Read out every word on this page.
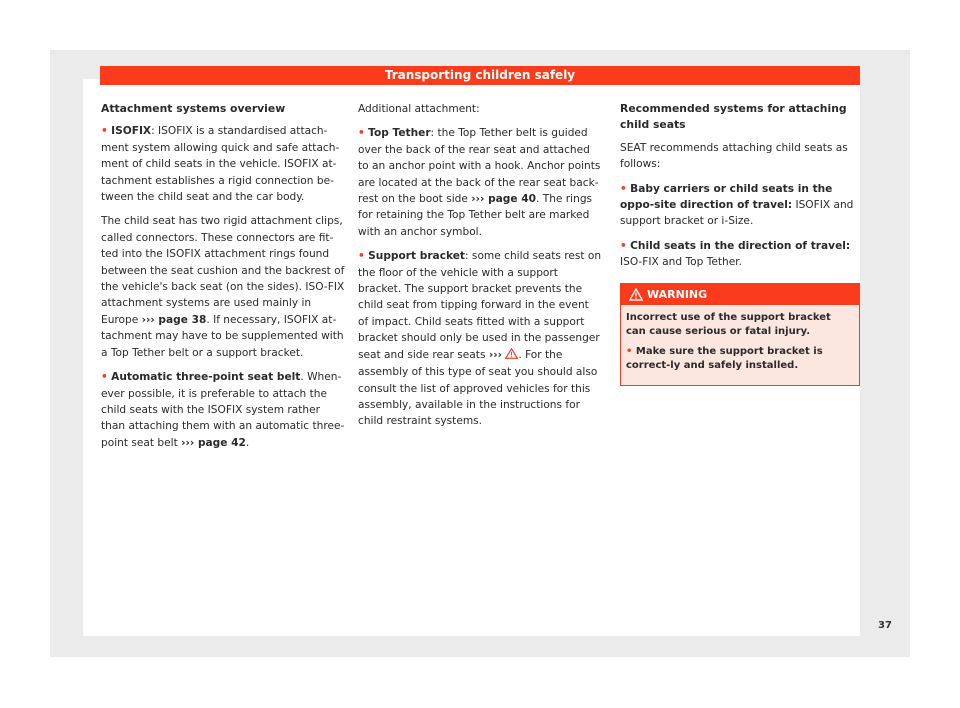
Transporting children safely

Attachment systems overview

• ISOFIX: ISOFIX is a standardised attach-ment system allowing quick and safe attach-ment of child seats in the vehicle. ISOFIX at-tachment establishes a rigid connection be-tween the child seat and the car body.

The child seat has two rigid attachment clips, called connectors. These connectors are fit-ted into the ISOFIX attachment rings found between the seat cushion and the backrest of the vehicle's back seat (on the sides). ISO-FIX attachment systems are used mainly in Europe ››› page 38. If necessary, ISOFIX at-tachment may have to be supplemented with a Top Tether belt or a support bracket.

• Automatic three-point seat belt. When-ever possible, it is preferable to attach the child seats with the ISOFIX system rather than attaching them with an automatic three-point seat belt ››› page 42.

Additional attachment:

• Top Tether: the Top Tether belt is guided over the back of the rear seat and attached to an anchor point with a hook. Anchor points are located at the back of the rear seat back-rest on the boot side ››› page 40. The rings for retaining the Top Tether belt are marked with an anchor symbol.

• Support bracket: some child seats rest on the floor of the vehicle with a support bracket. The support bracket prevents the child seat from tipping forward in the event of impact. Child seats fitted with a support bracket should only be used in the passenger seat and side rear seats ››› . For the assembly of this type of seat you should also consult the list of approved vehicles for this assembly, available in the instructions for child restraint systems.

Recommended systems for attaching child seats

SEAT recommends attaching child seats as follows:

• Baby carriers or child seats in the oppo-site direction of travel: ISOFIX and support bracket or i-Size.

• Child seats in the direction of travel: ISO-FIX and Top Tether.

WARNING

Incorrect use of the support bracket can cause serious or fatal injury.

• Make sure the support bracket is correct-ly and safely installed.

37
